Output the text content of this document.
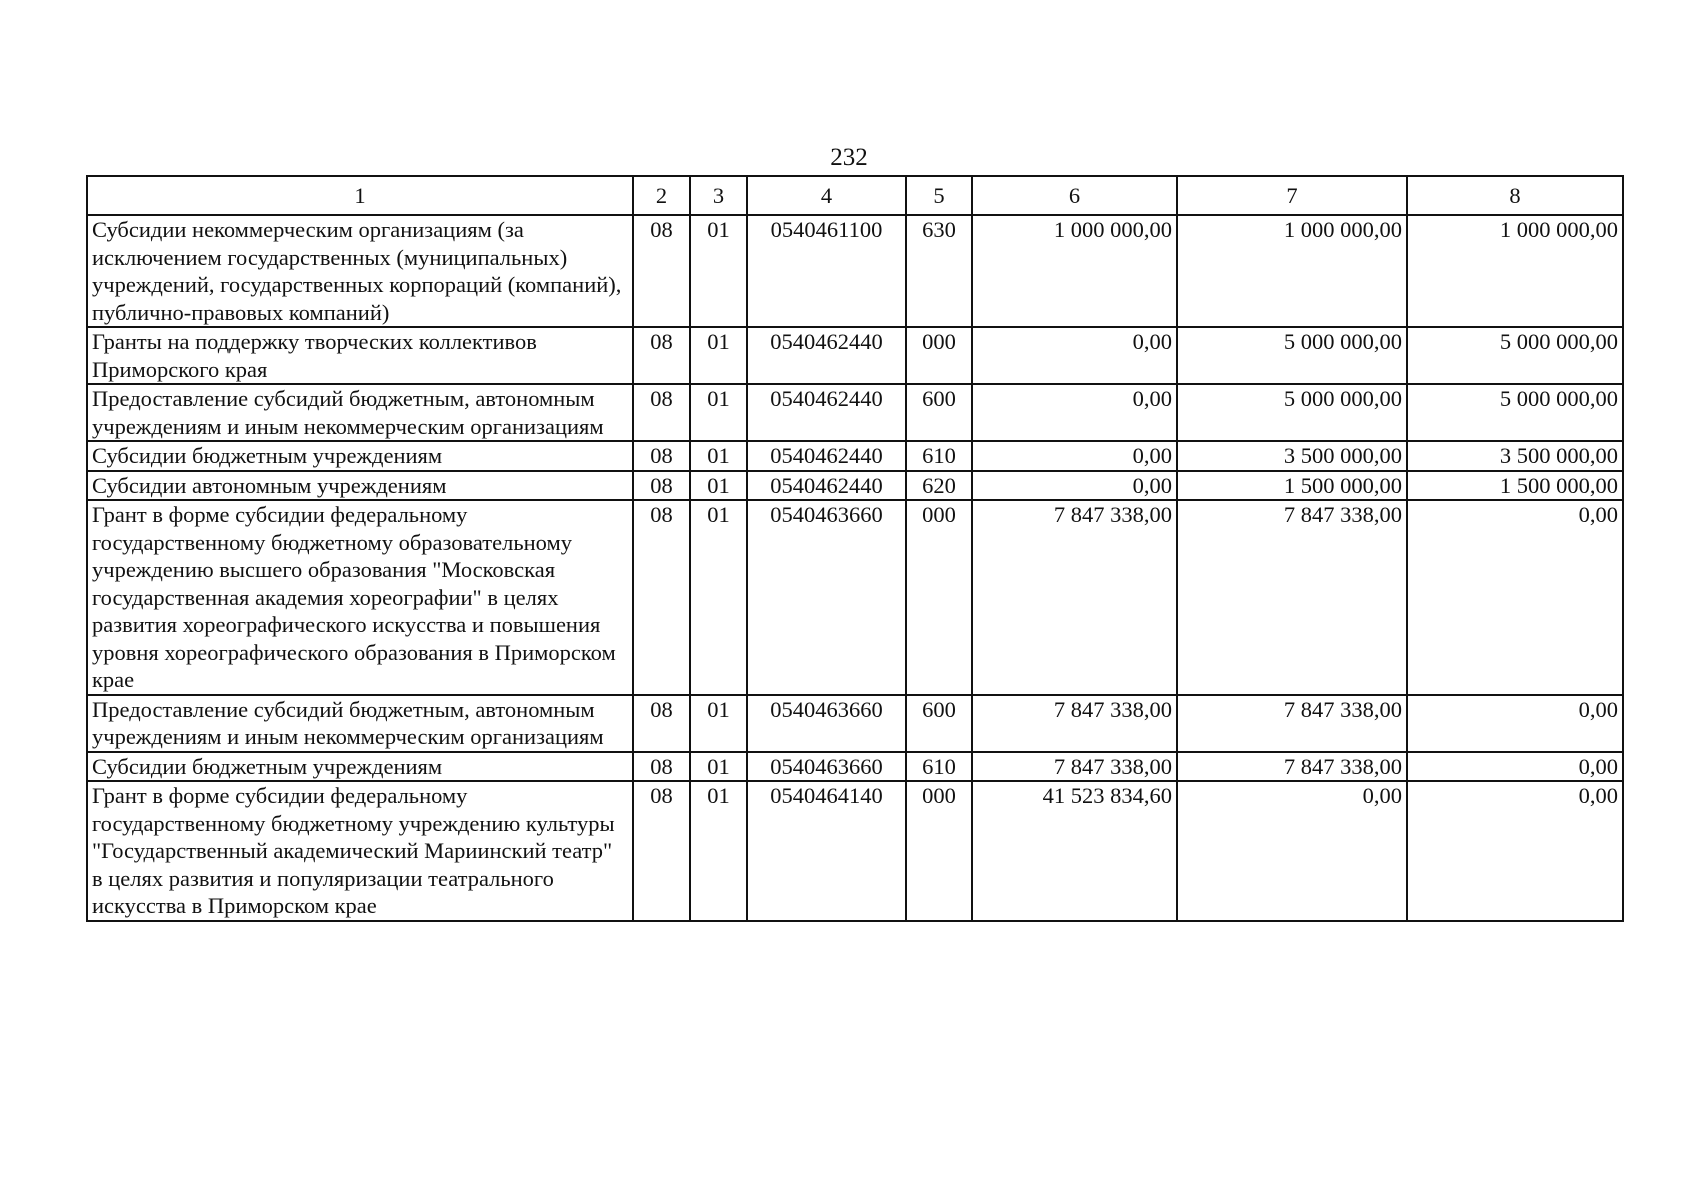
232
1	2	3	4	5	6	7	8
Субсидии некоммерческим организациям (за исключением государственных (муниципальных) учреждений, государственных корпораций (компаний), публично-правовых компаний)	08	01	0540461100	630	1 000 000,00	1 000 000,00	1 000 000,00
Гранты на поддержку творческих коллективов Приморского края	08	01	0540462440	000	0,00	5 000 000,00	5 000 000,00
Предоставление субсидий бюджетным, автономным учреждениям и иным некоммерческим организациям	08	01	0540462440	600	0,00	5 000 000,00	5 000 000,00
Субсидии бюджетным учреждениям	08	01	0540462440	610	0,00	3 500 000,00	3 500 000,00
Субсидии автономным учреждениям	08	01	0540462440	620	0,00	1 500 000,00	1 500 000,00
Грант в форме субсидии федеральному государственному бюджетному образовательному учреждению высшего образования "Московская государственная академия хореографии" в целях развития хореографического искусства и повышения уровня хореографического образования в Приморском крае	08	01	0540463660	000	7 847 338,00	7 847 338,00	0,00
Предоставление субсидий бюджетным, автономным учреждениям и иным некоммерческим организациям	08	01	0540463660	600	7 847 338,00	7 847 338,00	0,00
Субсидии бюджетным учреждениям	08	01	0540463660	610	7 847 338,00	7 847 338,00	0,00
Грант в форме субсидии федеральному государственному бюджетному учреждению культуры "Государственный академический Мариинский театр" в целях развития и популяризации театрального искусства в Приморском крае	08	01	0540464140	000	41 523 834,60	0,00	0,00
